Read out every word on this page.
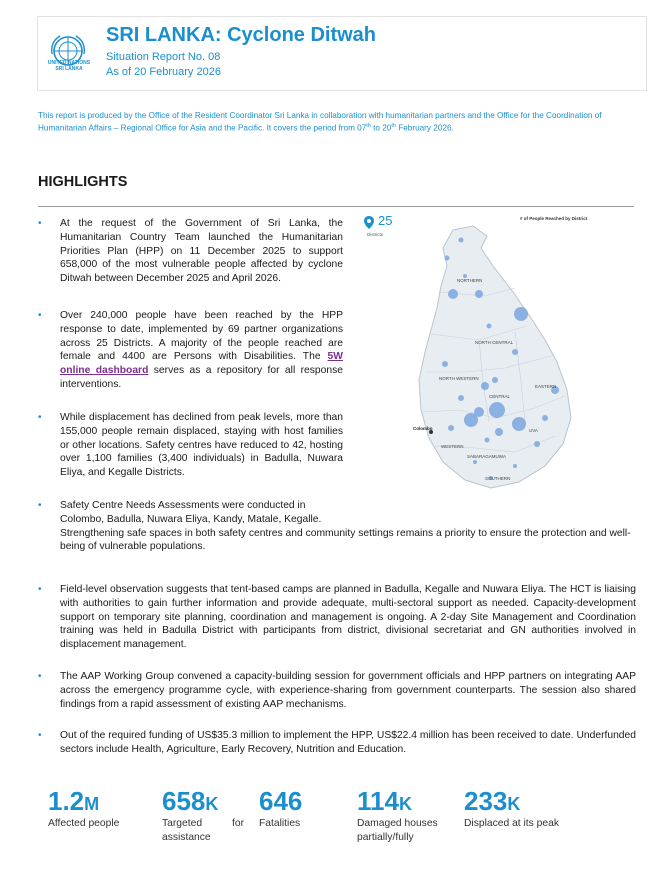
UNITED NATIONS
SRI LANKA
SRI LANKA: Cyclone Ditwah
Situation Report No. 08
As of 20 February 2026
This report is produced by the Office of the Resident Coordinator Sri Lanka in collaboration with humanitarian partners and the Office for the Coordination of Humanitarian Affairs – Regional Office for Asia and the Pacific. It covers the period from 07th to 20th February 2026.
HIGHLIGHTS
• At the request of the Government of Sri Lanka, the Humanitarian Country Team launched the Humanitarian Priorities Plan (HPP) on 11 December 2025 to support 658,000 of the most vulnerable people affected by cyclone Ditwah between December 2025 and April 2026.
• Over 240,000 people have been reached by the HPP response to date, implemented by 69 partner organizations across 25 Districts. A majority of the people reached are female and 4400 are Persons with Disabilities. The 5W online dashboard serves as a repository for all response interventions.
• While displacement has declined from peak levels, more than 155,000 people remain displaced, staying with host families or other locations. Safety centres have reduced to 42, hosting over 1,100 families (3,400 individuals) in Badulla, Nuwara Eliya, and Kegalle Districts.
• Safety Centre Needs Assessments were conducted in
Colombo, Badulla, Nuwara Eliya, Kandy, Matale, Kegalle.
Strengthening safe spaces in both safety centres and community settings remains a priority to ensure the protection and well-being of vulnerable populations.
• Field-level observation suggests that tent-based camps are planned in Badulla, Kegalle and Nuwara Eliya. The HCT is liaising with authorities to gain further information and provide adequate, multi-sectoral support as needed. Capacity-development support on temporary site planning, coordination and management is ongoing. A 2-day Site Management and Coordination training was held in Badulla District with participants from district, divisional secretariat and GN authorities involved in displacement management.
• The AAP Working Group convened a capacity-building session for government officials and HPP partners on integrating AAP across the emergency programme cycle, with experience-sharing from government counterparts. The session also shared findings from a rapid assessment of existing AAP mechanisms.
• Out of the required funding of US$35.3 million to implement the HPP, US$22.4 million has been received to date. Underfunded sectors include Health, Agriculture, Early Recovery, Nutrition and Education.
25
Districts
# of People Reached by District
NORTHERN
NORTH CENTRAL
NORTH WESTERN
CENTRAL
EASTERN
WESTERN
SABARAGAMUWA
UVA
SOUTHERN
Colombo
1.2M
Affected people
658K
Targeted for assistance
646
Fatalities
114K
Damaged houses partially/fully
233K
Displaced at its peak
